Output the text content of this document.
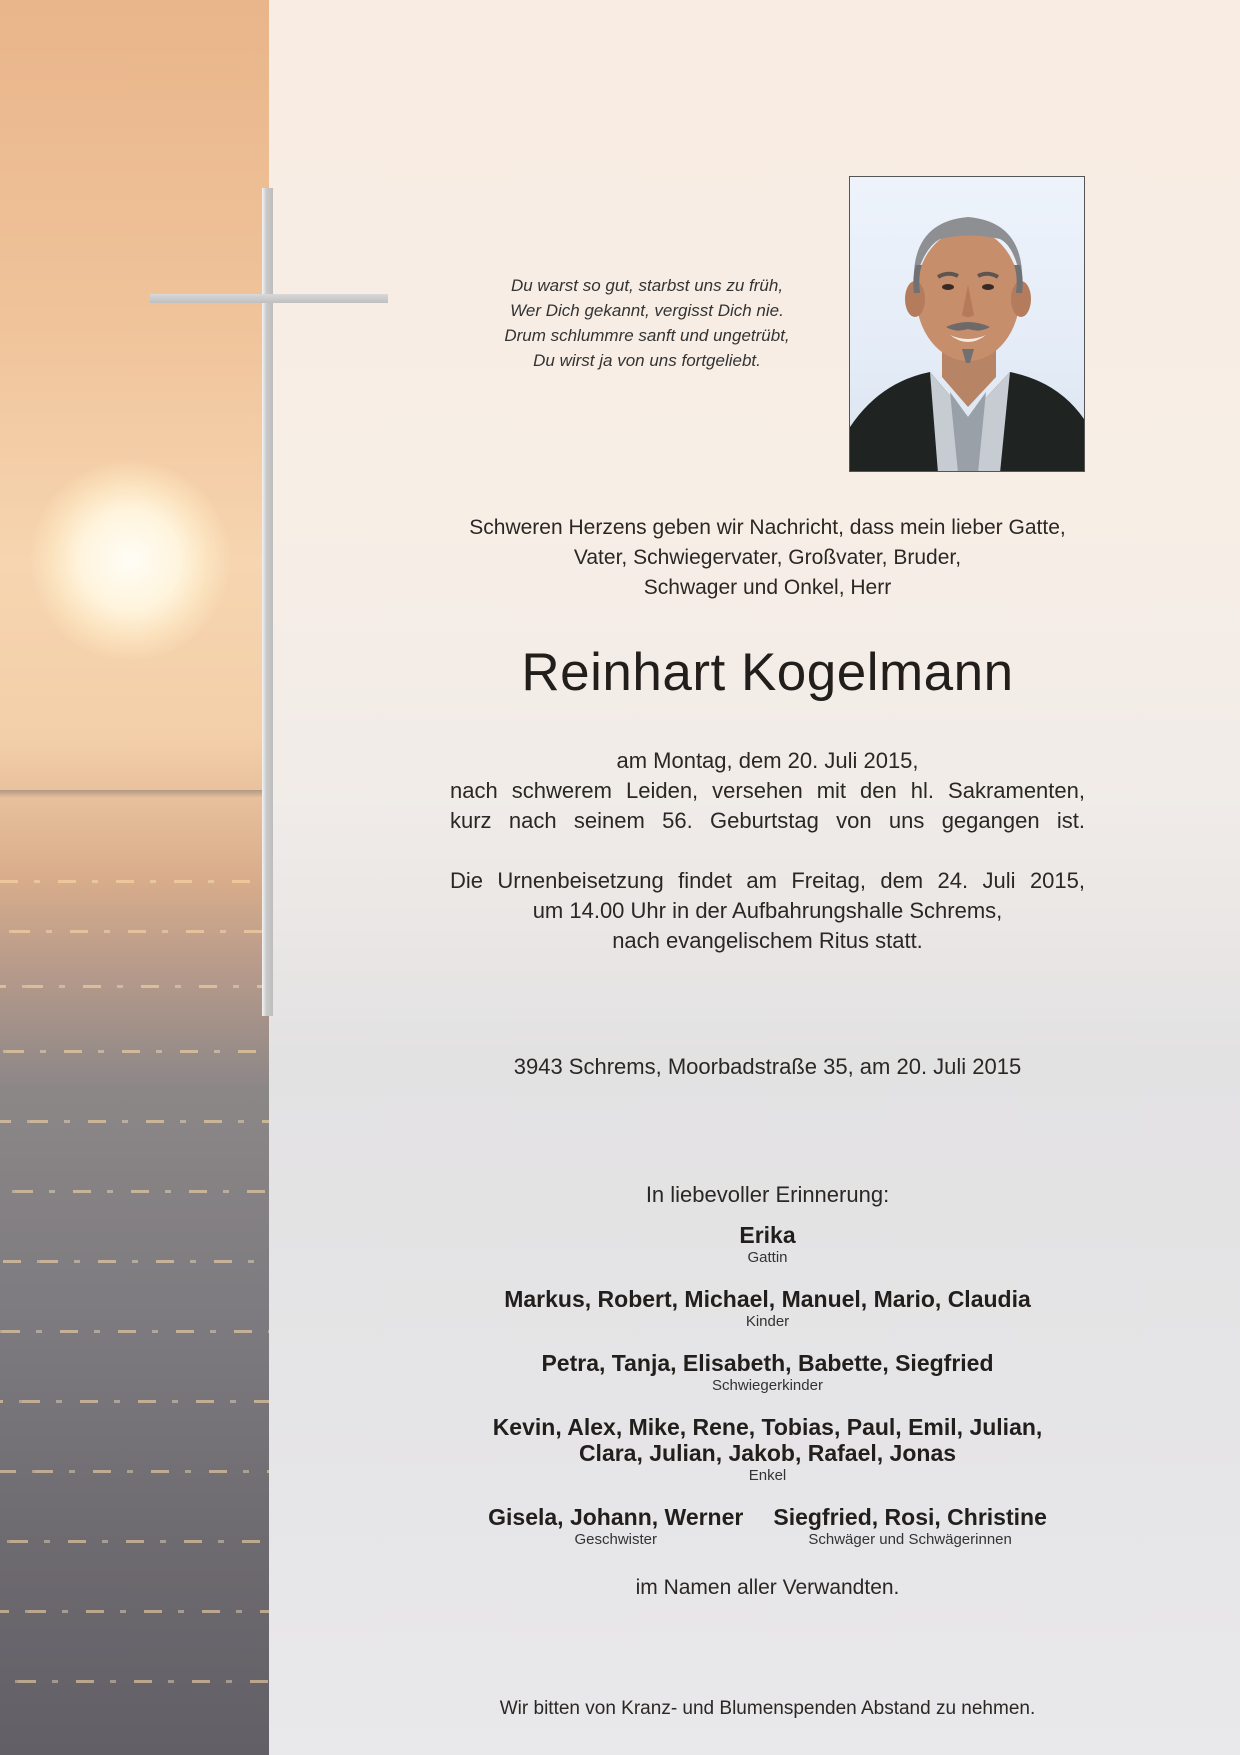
Du warst so gut, starbst uns zu früh,
Wer Dich gekannt, vergisst Dich nie.
Drum schlummre sanft und ungetrübt,
Du wirst ja von uns fortgeliebt.
Schweren Herzens geben wir Nachricht, dass mein lieber Gatte,
Vater, Schwiegervater, Großvater, Bruder,
Schwager und Onkel, Herr
Reinhart Kogelmann
am Montag, dem 20. Juli 2015,
nach schwerem Leiden, versehen mit den hl. Sakramenten,
kurz nach seinem 56. Geburtstag von uns gegangen ist.
Die Urnenbeisetzung findet am Freitag, dem 24. Juli 2015,
um 14.00 Uhr in der Aufbahrungshalle Schrems,
nach evangelischem Ritus statt.
3943 Schrems, Moorbadstraße 35, am 20. Juli 2015
In liebevoller Erinnerung:
Erika
Gattin
Markus, Robert, Michael, Manuel, Mario, Claudia
Kinder
Petra, Tanja, Elisabeth, Babette, Siegfried
Schwiegerkinder
Kevin, Alex, Mike, Rene, Tobias, Paul, Emil, Julian,
Clara, Julian, Jakob, Rafael, Jonas
Enkel
Gisela, Johann, Werner
Geschwister
Siegfried, Rosi, Christine
Schwäger und Schwägerinnen
im Namen aller Verwandten.
Wir bitten von Kranz- und Blumenspenden Abstand zu nehmen.
